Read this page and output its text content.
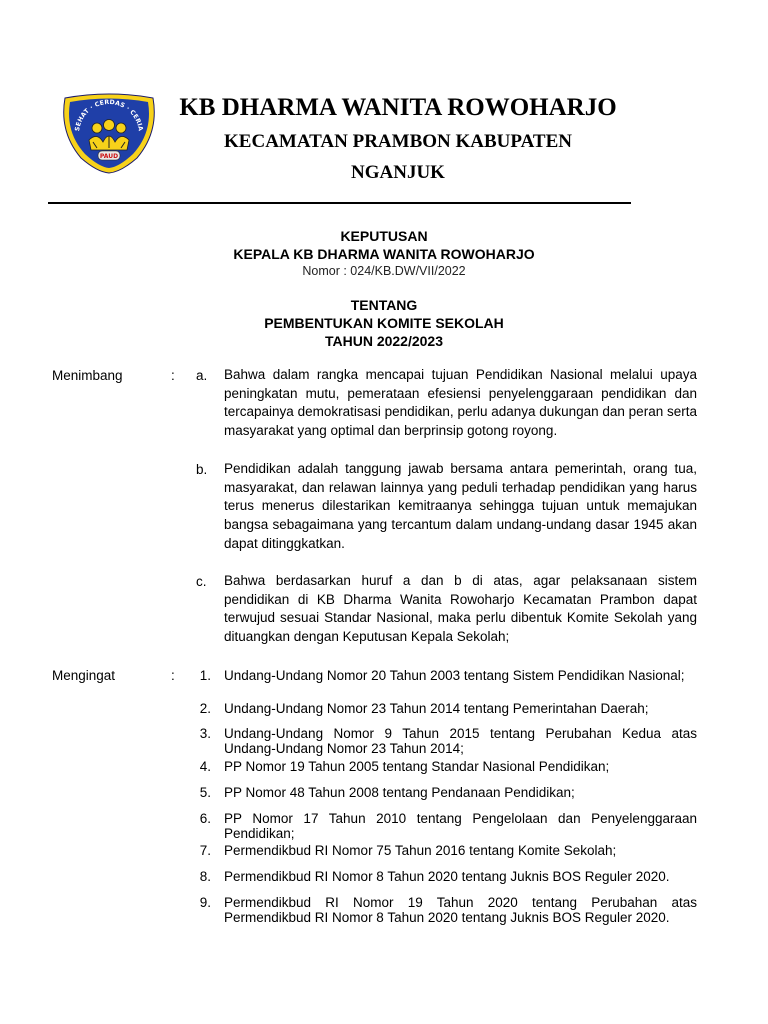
SEHAT · CERDAS · CERIA
PAUD
KB DHARMA WANITA ROWOHARJO
KECAMATAN PRAMBON KABUPATEN
NGANJUK
KEPUTUSAN
KEPALA KB DHARMA WANITA ROWOHARJO
Nomor : 024/KB.DW/VII/2022
TENTANG
PEMBENTUKAN KOMITE SEKOLAH
TAHUN 2022/2023
Menimbang	: a. Bahwa dalam rangka mencapai tujuan Pendidikan Nasional melalui upaya peningkatan mutu, pemerataan efesiensi penyelenggaraan pendidikan dan tercapainya demokratisasi pendidikan, perlu adanya dukungan dan peran serta masyarakat yang optimal dan berprinsip gotong royong.

b. Pendidikan adalah tanggung jawab bersama antara pemerintah, orang tua, masyarakat, dan relawan lainnya yang peduli terhadap pendidikan yang harus terus menerus dilestarikan kemitraanya sehingga tujuan untuk memajukan bangsa sebagaimana yang tercantum dalam undang-undang dasar 1945 akan dapat ditinggkatkan.

c. Bahwa berdasarkan huruf a dan b di atas, agar pelaksanaan sistem pendidikan di KB Dharma Wanita Rowoharjo Kecamatan Prambon dapat terwujud sesuai Standar Nasional, maka perlu dibentuk Komite Sekolah yang dituangkan dengan Keputusan Kepala Sekolah;

Mengingat	:	1. Undang-Undang Nomor 20 Tahun 2003 tentang Sistem Pendidikan Nasional;

2. Undang-Undang Nomor 23 Tahun 2014 tentang Pemerintahan Daerah;

3. Undang-Undang Nomor 9 Tahun 2015 tentang Perubahan Kedua atas Undang-Undang Nomor 23 Tahun 2014;

4. PP Nomor 19 Tahun 2005 tentang Standar Nasional Pendidikan;

5. PP Nomor 48 Tahun 2008 tentang Pendanaan Pendidikan;

6. PP Nomor 17 Tahun 2010 tentang Pengelolaan dan Penyelenggaraan Pendidikan;

7. Permendikbud RI Nomor 75 Tahun 2016 tentang Komite Sekolah;

8. Permendikbud RI Nomor 8 Tahun 2020 tentang Juknis BOS Reguler 2020.

9. Permendikbud RI Nomor 19 Tahun 2020 tentang Perubahan atas Permendikbud RI Nomor 8 Tahun 2020 tentang Juknis BOS Reguler 2020.
